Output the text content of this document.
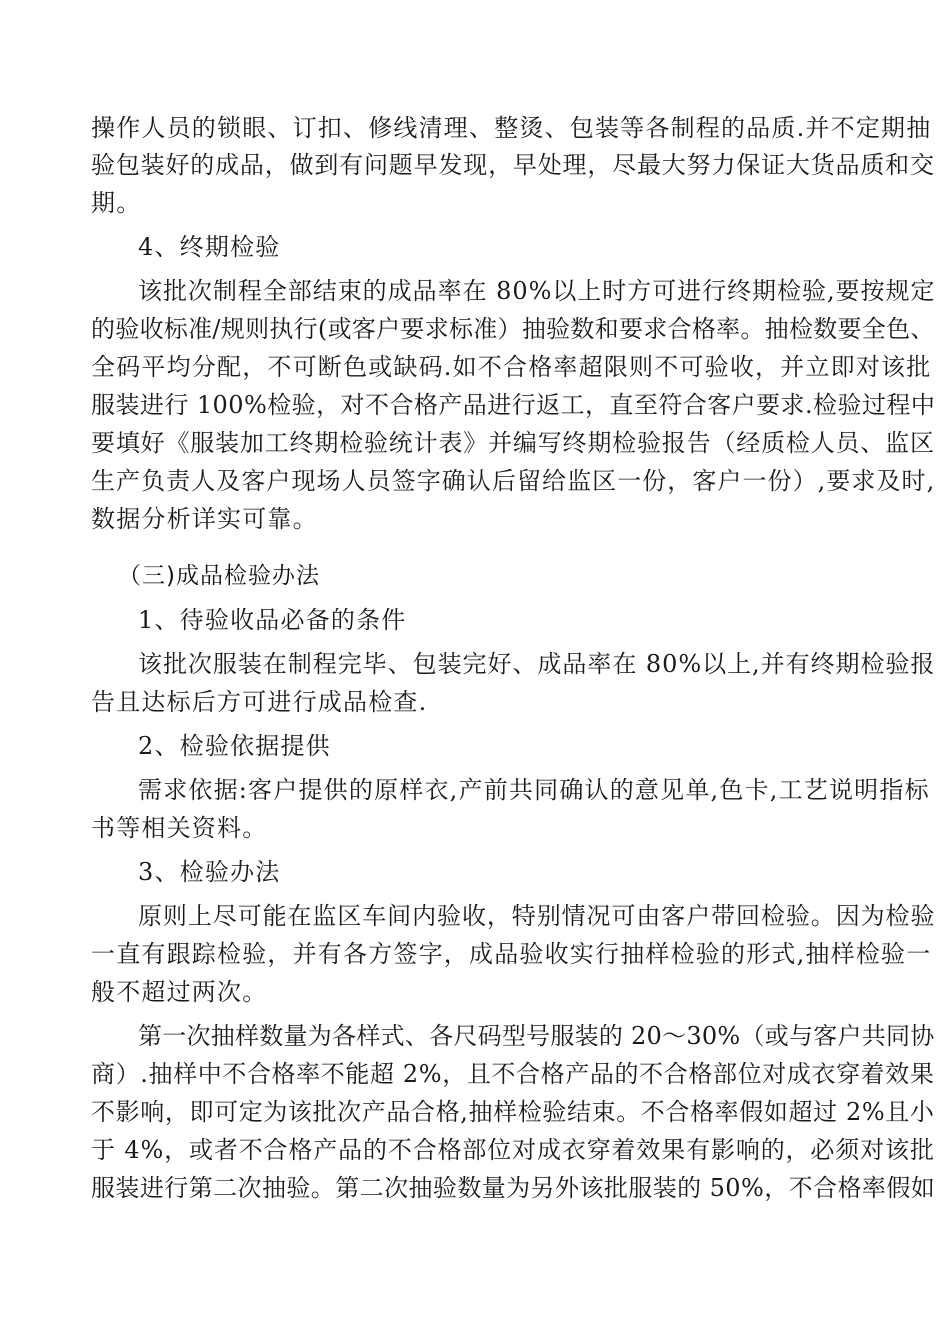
操作人员的锁眼、订扣、修线清理、整烫、包装等各制程的品质.并不定期抽
验包装好的成品，做到有问题早发现，早处理，尽最大努力保证大货品质和交
期。
4、终期检验
该批次制程全部结束的成品率在 80%以上时方可进行终期检验,要按规定
的验收标准/规则执行(或客户要求标准）抽验数和要求合格率。抽检数要全色、
全码平均分配，不可断色或缺码.如不合格率超限则不可验收，并立即对该批
服装进行 100%检验，对不合格产品进行返工，直至符合客户要求.检验过程中
要填好《服装加工终期检验统计表》并编写终期检验报告（经质检人员、监区
生产负责人及客户现场人员签字确认后留给监区一份，客户一份）,要求及时,
数据分析详实可靠。
（三)成品检验办法
1、待验收品必备的条件
该批次服装在制程完毕、包装完好、成品率在 80%以上,并有终期检验报
告且达标后方可进行成品检查.
2、检验依据提供
需求依据:客户提供的原样衣,产前共同确认的意见单,色卡,工艺说明指标
书等相关资料。
3、检验办法
原则上尽可能在监区车间内验收，特别情况可由客户带回检验。因为检验
一直有跟踪检验，并有各方签字，成品验收实行抽样检验的形式,抽样检验一
般不超过两次。
第一次抽样数量为各样式、各尺码型号服装的 20～30%（或与客户共同协
商）.抽样中不合格率不能超 2%，且不合格产品的不合格部位对成衣穿着效果
不影响，即可定为该批次产品合格,抽样检验结束。不合格率假如超过 2%且小
于 4%，或者不合格产品的不合格部位对成衣穿着效果有影响的，必须对该批
服装进行第二次抽验。第二次抽验数量为另外该批服装的 50%，不合格率假如
